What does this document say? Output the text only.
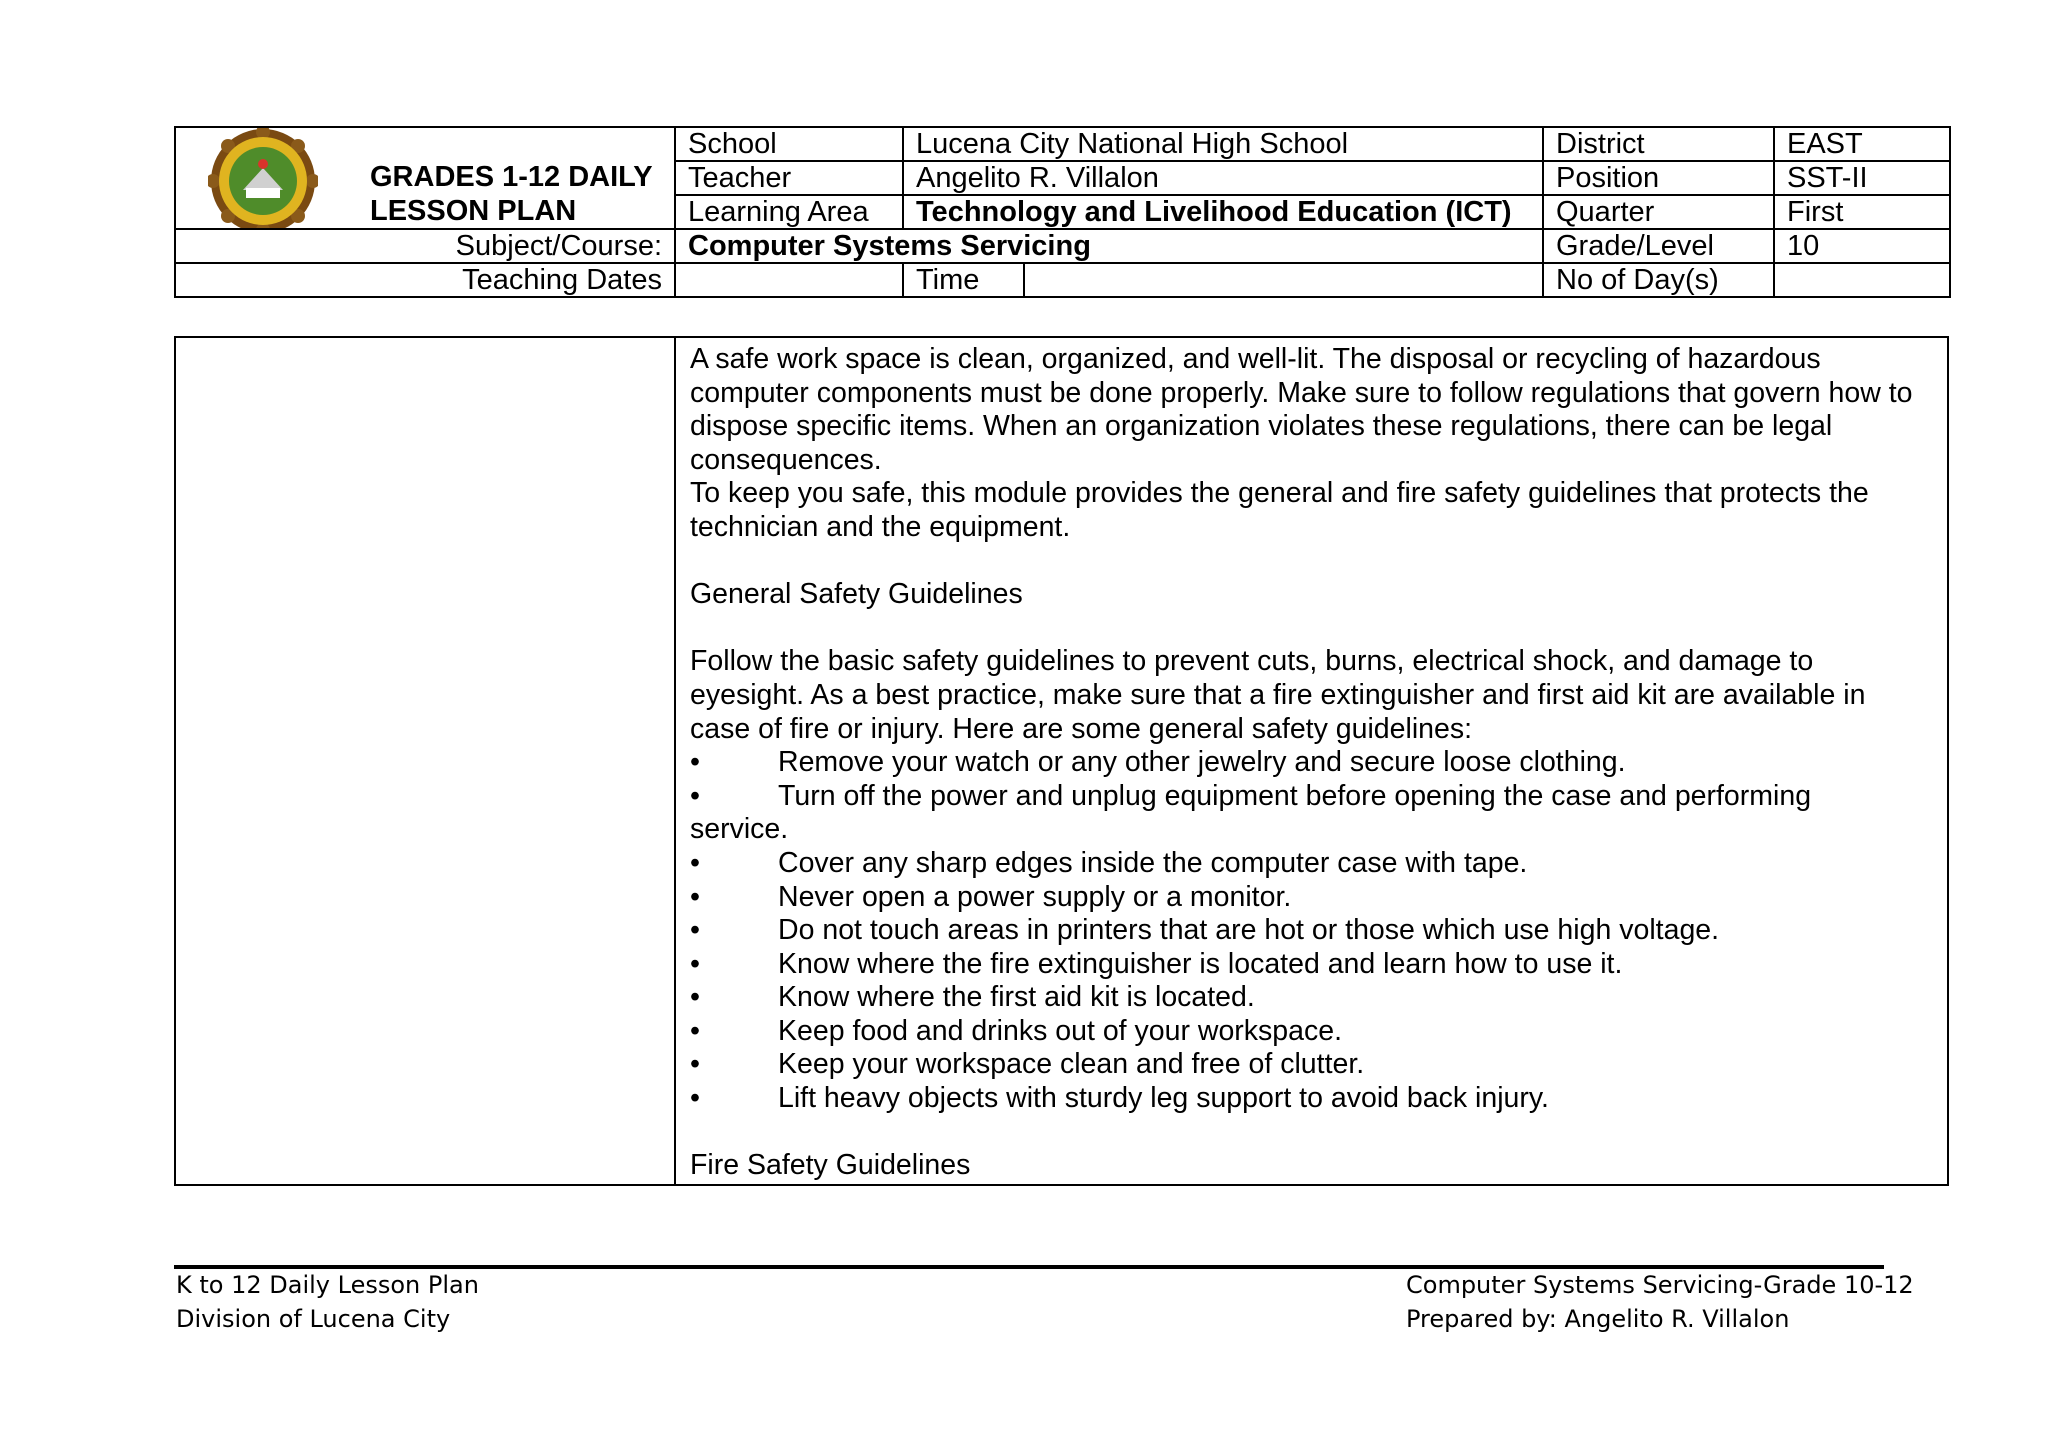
GRADES 1-12 DAILY
LESSON PLAN	School	Lucena City National High School		District	EAST
	Teacher	Angelito R. Villalon		Position	SST-II
	Learning Area	Technology and Livelihood Education (ICT)		Quarter	First
Subject/Course:	Computer Systems Servicing			Grade/Level	10
Teaching Dates		Time		No of Day(s)	

A safe work space is clean, organized, and well-lit. The disposal or recycling of hazardous computer components must be done properly. Make sure to follow regulations that govern how to dispose specific items. When an organization violates these regulations, there can be legal consequences.

To keep you safe, this module provides the general and fire safety guidelines that protects the technician and the equipment.

General Safety Guidelines

Follow the basic safety guidelines to prevent cuts, burns, electrical shock, and damage to eyesight. As a best practice, make sure that a fire extinguisher and first aid kit are available in case of fire or injury. Here are some general safety guidelines:

•	Remove your watch or any other jewelry and secure loose clothing.
•	Turn off the power and unplug equipment before opening the case and performing

service.

•	Cover any sharp edges inside the computer case with tape.
•	Never open a power supply or a monitor.
•	Do not touch areas in printers that are hot or those which use high voltage.
•	Know where the fire extinguisher is located and learn how to use it.
•	Know where the first aid kit is located.
•	Keep food and drinks out of your workspace.
•	Keep your workspace clean and free of clutter.
•	Lift heavy objects with sturdy leg support to avoid back injury.

Fire Safety Guidelines

K to 12 Daily Lesson Plan
Division of Lucena City
Computer Systems Servicing-Grade 10-12
Prepared by: Angelito R. Villalon
